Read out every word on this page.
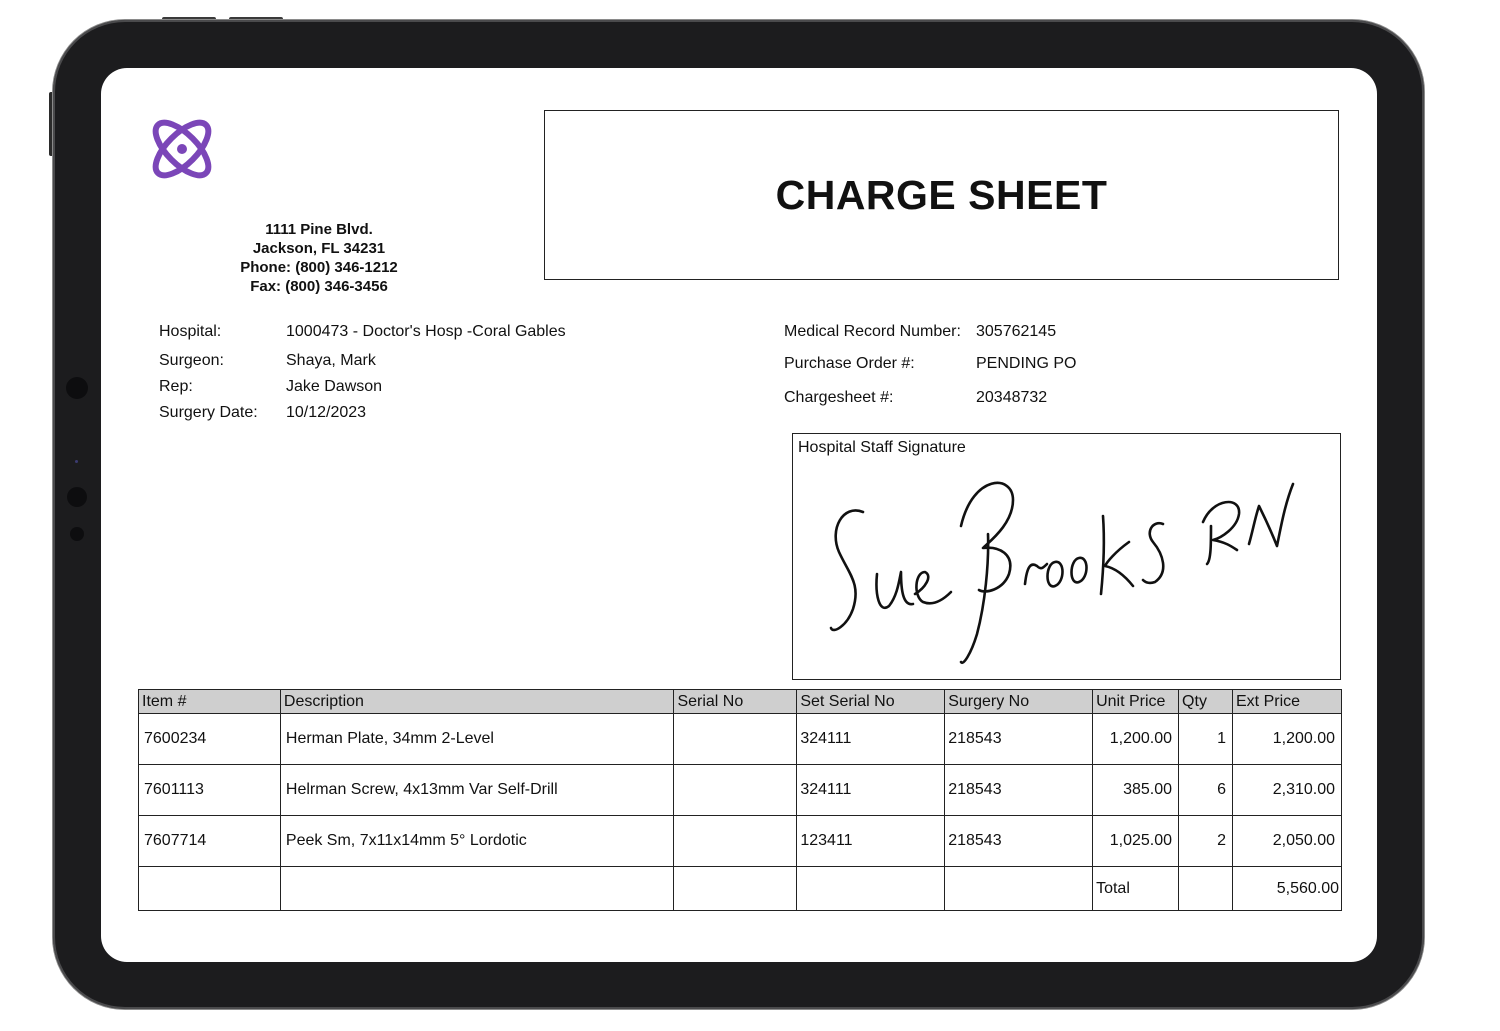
1111 Pine Blvd.
Jackson, FL 34231
Phone: (800) 346-1212
Fax: (800) 346-3456
CHARGE SHEET
Hospital:	1000473 - Doctor's Hosp -Coral Gables
Surgeon:	Shaya, Mark
Rep:	Jake Dawson
Surgery Date: 10/12/2023
Medical Record Number: 305762145
Purchase Order #:	PENDING PO
Chargesheet #:	20348732
Hospital Staff Signature
Item #	Description	Serial No	Set Serial No	Surgery No	Unit Price	Qty	Ext Price
7600234	Herman Plate, 34mm 2-Level		324111	218543	1,200.00	1	1,200.00
7601113	Helrman Screw, 4x13mm Var Self-Drill		324111	218543	385.00	6	2,310.00
7607714	Peek Sm, 7x11x14mm 5° Lordotic		123411	218543	1,025.00	2	2,050.00
					Total		5,560.00
